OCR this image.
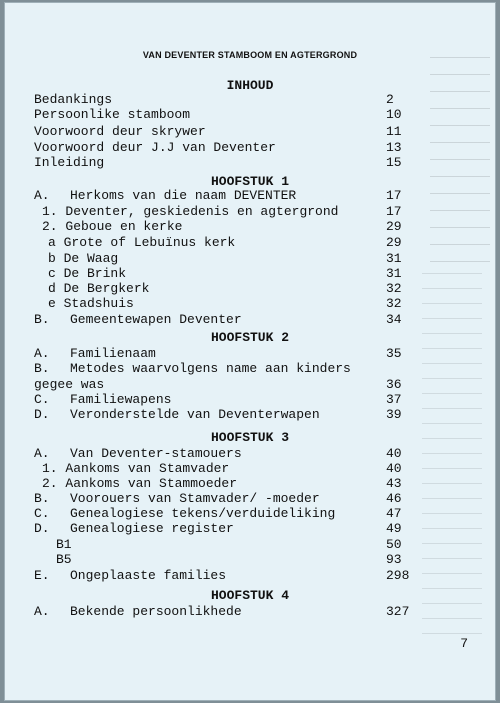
VAN DEVENTER STAMBOOM EN AGTERGROND
INHOUD
Bedankings	2
Persoonlike stamboom	10
Voorwoord deur skrywer	11
Voorwoord deur J.J van Deventer	13
Inleiding	15
HOOFSTUK 1
A. Herkoms van die naam DEVENTER	17
1. Deventer, geskiedenis en agtergrond	17
2. Geboue en kerke	29
a Grote of Lebuïnus kerk	29
b De Waag	31
c De Brink	31
d De Bergkerk	32
e Stadshuis	32
B. Gemeentewapen Deventer	34
HOOFSTUK 2
A. Familienaam	35
B. Metodes waarvolgens name aan kinders
gegee was	36
C. Familiewapens	37
D. Veronderstelde van Deventerwapen	39
HOOFSTUK 3
A. Van Deventer-stamouers	40
1. Aankoms van Stamvader	40
2. Aankoms van Stammoeder	43
B. Voorouers van Stamvader/ -moeder	46
C. Genealogiese tekens/verduideliking	47
D. Genealogiese register	49
B1	50
B5	93
E. Ongeplaaste families	298
HOOFSTUK 4
A. Bekende persoonlikhede	327
7
